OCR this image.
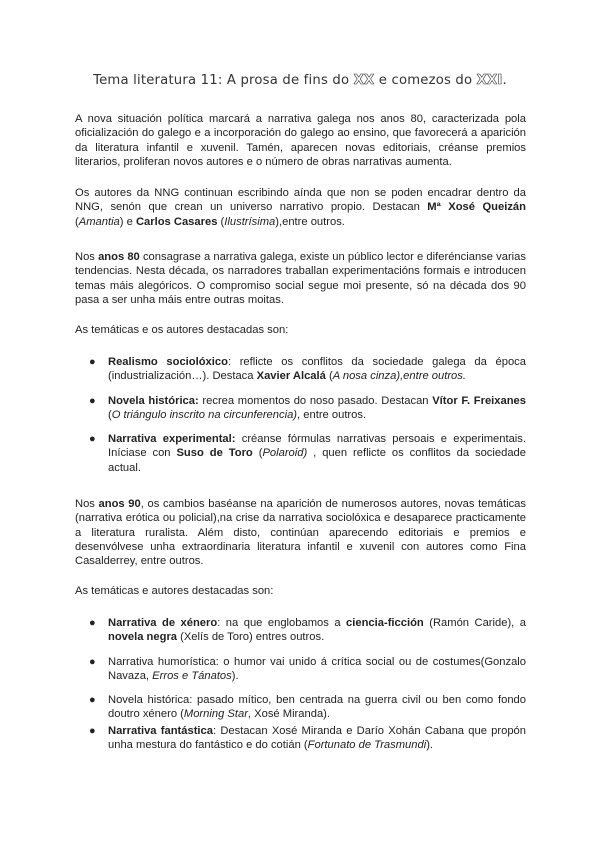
Tema literatura 11: A prosa de fins do XX e comezos do XXI.

A nova situación política marcará a narrativa galega nos anos 80, caracterizada pola oficialización do galego e a incorporación do galego ao ensino, que favorecerá a aparición da literatura infantil e xuvenil. Tamén, aparecen novas editoriais, créanse premios literarios, proliferan novos autores e o número de obras narrativas aumenta.

Os autores da NNG continuan escribindo aínda que non se poden encadrar dentro da NNG, senón que crean un universo narrativo propio. Destacan Mª Xosé Queizán (Amantia) e Carlos Casares (Ilustrísima),entre outros.

Nos anos 80 consagrase a narrativa galega, existe un público lector e diferéncianse varias tendencias. Nesta década, os narradores traballan experimentacións formais e introducen temas máis alegóricos. O compromiso social segue moi presente, só na década dos 90 pasa a ser unha máis entre outras moitas.

As temáticas e os autores destacadas son:

● Realismo sociolóxico: reflicte os conflitos da sociedade galega da época (industrialización…). Destaca Xavier Alcalá (A nosa cinza),entre outros.
● Novela histórica: recrea momentos do noso pasado. Destacan Vítor F. Freixanes (O triángulo inscrito na circunferencia), entre outros.
● Narrativa experimental: créanse fórmulas narrativas persoais e experimentais. Iníciase con Suso de Toro (Polaroid) , quen reflicte os conflitos da sociedade actual.

Nos anos 90, os cambios baséanse na aparición de numerosos autores, novas temáticas (narrativa erótica ou policial),na crise da narrativa sociolóxica e desaparece practicamente a literatura ruralista. Além disto, continúan aparecendo editoriais e premios e desenvólvese unha extraordinaria literatura infantil e xuvenil con autores como Fina Casalderrey, entre outros.

As temáticas e autores destacadas son:

● Narrativa de xénero: na que englobamos a ciencia-ficción (Ramón Caride), a novela negra (Xelís de Toro) entres outros.
● Narrativa humorística: o humor vai unido á crítica social ou de costumes(Gonzalo Navaza, Erros e Tánatos).
● Novela histórica: pasado mítico, ben centrada na guerra civil ou ben como fondo doutro xénero (Morning Star, Xosé Miranda).
● Narrativa fantástica: Destacan Xosé Miranda e Darío Xohán Cabana que propón unha mestura do fantástico e do cotián (Fortunato de Trasmundi).
